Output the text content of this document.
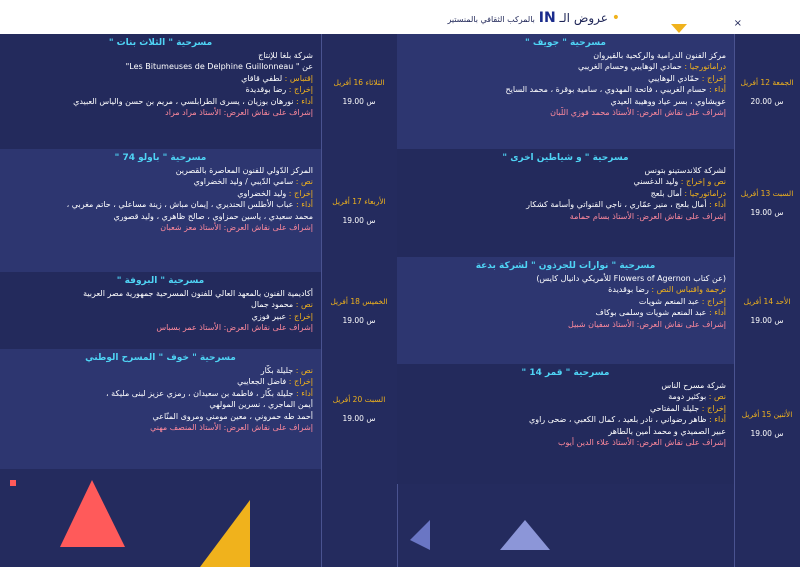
• عروض الـ IN بالمركب الثقافي بالمنستير	×
مسرحية " جويف "
مركز الفنون الدرامية والركحية بالقيروان
دراماتورجيا : حمادي الوهايبي وحسام الغريبي
إخراج : حمّادي الوهايبي
أداء : حسام الغريبي ، فاتحة المهدوي ، سامية بوقرة ، محمد السايح
عويشاوي ، بسر عياد ووهيبة العيدي
إشراف على نقاش العرض: الأستاذ محمد فوزي اللّبان
الجمعة 12 أفريل
س 20.00
مسرحية " و شياطين اخرى "
لشركة كلاندستينو بتونس
نص و إخراج : وليد الدغسني
دراماتورجيا : أمال بلعج
أداء : أمال بلعج ، منير عمّاري ، ناجي القنواتي وأسامة كشكار
إشراف على نقاش العرض: الأستاذ بسام حمامة
السبت 13 أفريل
س 19.00
مسرحية " نوارات للجرذون " لشركة بدعة
(عن كتاب Flowers of Agernon للأمريكي دانيال كايس)
ترجمة واقتباس النص : رضا بوقديدة
إخراج : عبد المنعم شويات
أداء : عبد المنعم شويات وسلمى بوكاف
إشراف على نقاش العرض: الأستاذ سفيان شبيل
الأحد 14 أفريل
س 19.00
مسرحية " قمر 14 "
شركة مسرح الناس
نص : بوكثير دومة
إخراج : جليلة المفتاحي
أداء : ظاهر رضواني ، نادر بلعيد ، كمال الكعبي ، ضحى راوي
عبير الصميدي و محمد أمين بالطاهر
إشراف على نقاش العرض: الأستاذ علاء الدين أيوب
الأثنين 15 أفريل
س 19.00
مسرحية " الثلاث بنات "
شركة بلغا للإنتاج
عن " Les Bitumeuses de Delphine Guillonneau"
إقتباس : لطفي قاقاي
إخراج : رضا بوقديدة
أداء : نورهان بوزيان ، يسرى الطرابلسي ، مريم بن حسن والياس العبيدي
إشراف على نقاش العرض: الأستاذ مراد مراد
الثلاثاء 16 أفريل
س 19.00
مسرحية " باولو 74 "
المركز الدّولي للفنون المعاصرة بالقصرين
نص : سامي الدّيبي / وليد الخضراوي
إخراج : وليد الخضراوي
أداء : عباب الأطلس الحنديري ، إيمان مباش ، زينة مساعلي ، حاتم مغربي ،
محمد سعيدي ، ياسين حمزاوي ، صالح ظاهري ، وليد قصوري
إشراف على نقاش العرض: الأستاذ معز شعبان
الأربعاء 17 أفريل
س 19.00
مسرحية " البروفة "
أكاديمية الفنون بالمعهد العالي للفنون المسرحية جمهورية مصر العربية
نص : محمود جمال
إخراج : عبير فوزي
إشراف على نقاش العرض: الأستاذ عمر بسباس
الخميس 18 أفريل
س 19.00
مسرحية " خوف " المسرح الوطني
نص : جليلة بكّار
إخراج : فاضل الجعايبي
أداء : جليلة بكّار ، فاطمة بن سعيدان ، رمزي عزيز لبنى مليكة ،
أيمن الماجري ، نسرين المولهي
أحمد طه حمروني ، معين مومني ومروى المنّاعي
إشراف على نقاش العرض: الأستاذ المنصف مهني
السبت 20 أفريل
س 19.00
